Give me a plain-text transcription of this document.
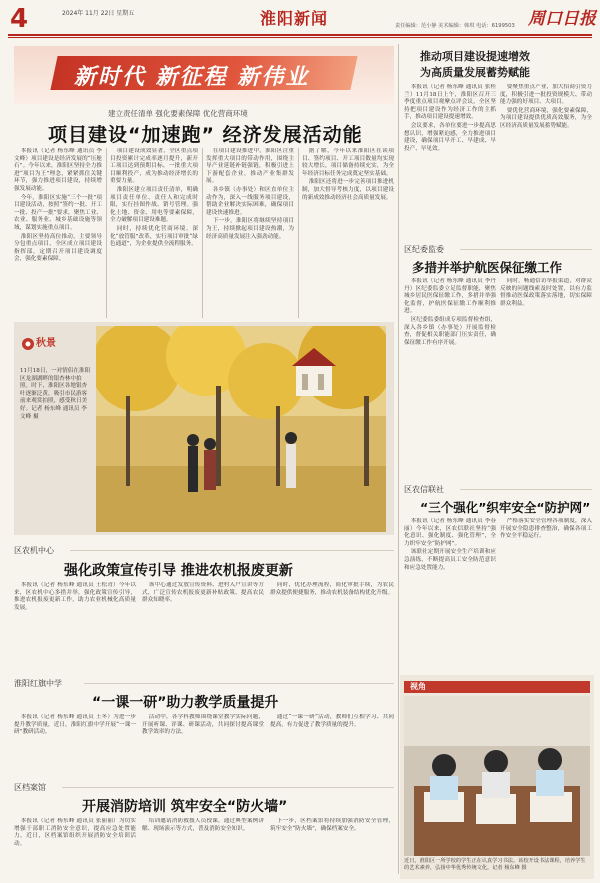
4	2024年 11月 22日 星期五	淮阳新闻	责任编辑：范小静 美术编辑：韩琪 电话：6199503 周口日报
新时代 新征程 新伟业
建立责任清单 强化要素保障 优化营商环境
项目建设“加速跑” 经济发展活动能

本报讯（记者 杨东峰 通讯员 李文峰）项目建设是经济发展的“压舱石”。今年以来，淮阳区坚持全力推进“项目为王”理念，紧紧抓住关键环节，强力推进项目建设，持续增强发展动能。

今年，淮阳区实施“三个一批”项目建设活动，按照“签约一批、开工一批、投产一批”要求，聚焦工业、农业、服务业、城乡基础设施等领域，谋划实施重点项目。

淮阳区坚持高位推动，主要领导分包重点项目，全区成立项目建设指挥部，定期召开项目建设调度会，强化要素保障。

项目建设成效显著，全区重点项目投资累计完成率逐月提升，新开工项目达到预期目标，一批重大项目顺利投产，成为推动经济增长的重要力量。

淮阳区建立项目责任清单，明确项目责任单位、责任人和完成时限，实行挂图作战、销号管理。强化土地、资金、用电等要素保障，全力破解项目建设难题。

同时，持续优化营商环境，深化“放管服”改革，实行项目审批“绿色通道”，为企业提供全流程服务。

在项目建设推进中，淮阳区注重发挥重大项目的带动作用，围绕主导产业延链补链强链，积极引进上下游配套企业，推动产业集群发展。

各乡镇（办事处）和区直单位主动作为，深入一线服务项目建设，帮助企业解决实际困难，确保项目建设快速推进。

下一步，淮阳区将继续坚持项目为王，持续掀起项目建设热潮，为经济高质量发展注入强劲动能。

据了解，今年以来淮阳区在谈项目、签约项目、开工项目数量均实现较大增长，项目储备持续充实，为全年经济目标任务完成奠定坚实基础。

淮阳区还将进一步完善项目推进机制，加大督导考核力度，以项目建设的新成效推动经济社会高质量发展。

秋景
11月18日，一对情侣在淮阳区龙湖湖畔的银杏林中拍照。时下，淮阳区各地银杏叶逐渐泛黄，吸引市民游客前来观赏拍照，感受秋日美好。记者 杨东峰 通讯员 李文峰 摄
推动项目建设提速增效
为高质量发展蓄势赋能

本报讯（记者 杨东峰 通讯员 张桂兰）11月18日上午，淮阳区召开三季度重点项目观摩点评会议，全区坚持把项目建设作为经济工作的主抓手，推动项目建设提速增效。

会议要求，各单位要进一步提高思想认识，增强紧迫感，全力推进项目建设，确保项目早开工、早建成、早投产、早见效。

要聚焦重点产业，加大招商引资力度，积极引进一批投资规模大、带动能力强的好项目、大项目。

要优化营商环境，强化要素保障，为项目建设提供优质高效服务，为全区经济高质量发展蓄势赋能。

区纪委监委
多措并举护航医保征缴工作

本报讯（记者 杨东峰 通讯员 李丹丹）区纪委监委立足监督职能，聚焦城乡居民医保征缴工作，多措并举强化监督，护航医保征缴工作顺利推进。

区纪委监委组成专项监督检查组，深入各乡镇（办事处）开展监督检查，督促相关职能部门压实责任，确保征缴工作有序开展。

同时，畅通信访举报渠道，对群众反映的问题线索及时处置，以有力监督推动医保政策落实落地，切实保障群众利益。

区农信联社
“三个强化”织牢安全“防护网”

本报讯（记者 杨东峰 通讯员 李春丽）今年以来，区农信联社坚持“强化意识、强化制度、强化管理”，全力织牢安全“防护网”。

该联社定期开展安全生产培训和应急演练，不断提高员工安全防范意识和应急处置能力。

严格落实安全管理各项制度，深入开展安全隐患排查整治，确保各项工作安全平稳运行。

区农机中心
强化政策宣传引导 推进农机报废更新

本报讯（记者 杨东峰 通讯员 王松青）今年以来，区农机中心多措并举，强化政策宣传引导，推进农机报废更新工作，助力农业机械化高质量发展。

该中心通过发放宣传资料、进村入户宣讲等方式，广泛宣传农机报废更新补贴政策，提高农民群众知晓率。

同时，优化办理流程，简化审批手续，为农民群众提供便捷服务，推动农机装备结构优化升级。

淮阳红旗中学
“一课一研”助力教学质量提升

本报讯（记者 杨东峰 通讯员 王冬）为进一步提升教学质量，近日，淮阳红旗中学开展“一课一研”教研活动。

活动中，各学科教师围绕课堂教学实际问题，开展听课、评课、研课活动，共同探讨提高课堂教学效率的方法。

通过“一课一研”活动，教师们互相学习、共同提高，有力促进了教学质量的提升。

区档案馆
开展消防培训 筑牢安全“防火墙”

本报讯（记者 杨东峰 通讯员 张丽丽）为切实增强干部职工消防安全意识，提高应急处置能力，近日，区档案馆组织开展消防安全培训活动。

培训邀请消防救援人员授课，通过典型案例讲解、现场演示等方式，普及消防安全知识。

下一步，区档案馆将持续加强消防安全管理，筑牢安全“防火墙”，确保档案安全。

视角
近日，淮阳区一所学校的学生正在认真学习书法。该校开设书法课程，培养学生的艺术素养，弘扬中华优秀传统文化。记者 杨东峰 摄
